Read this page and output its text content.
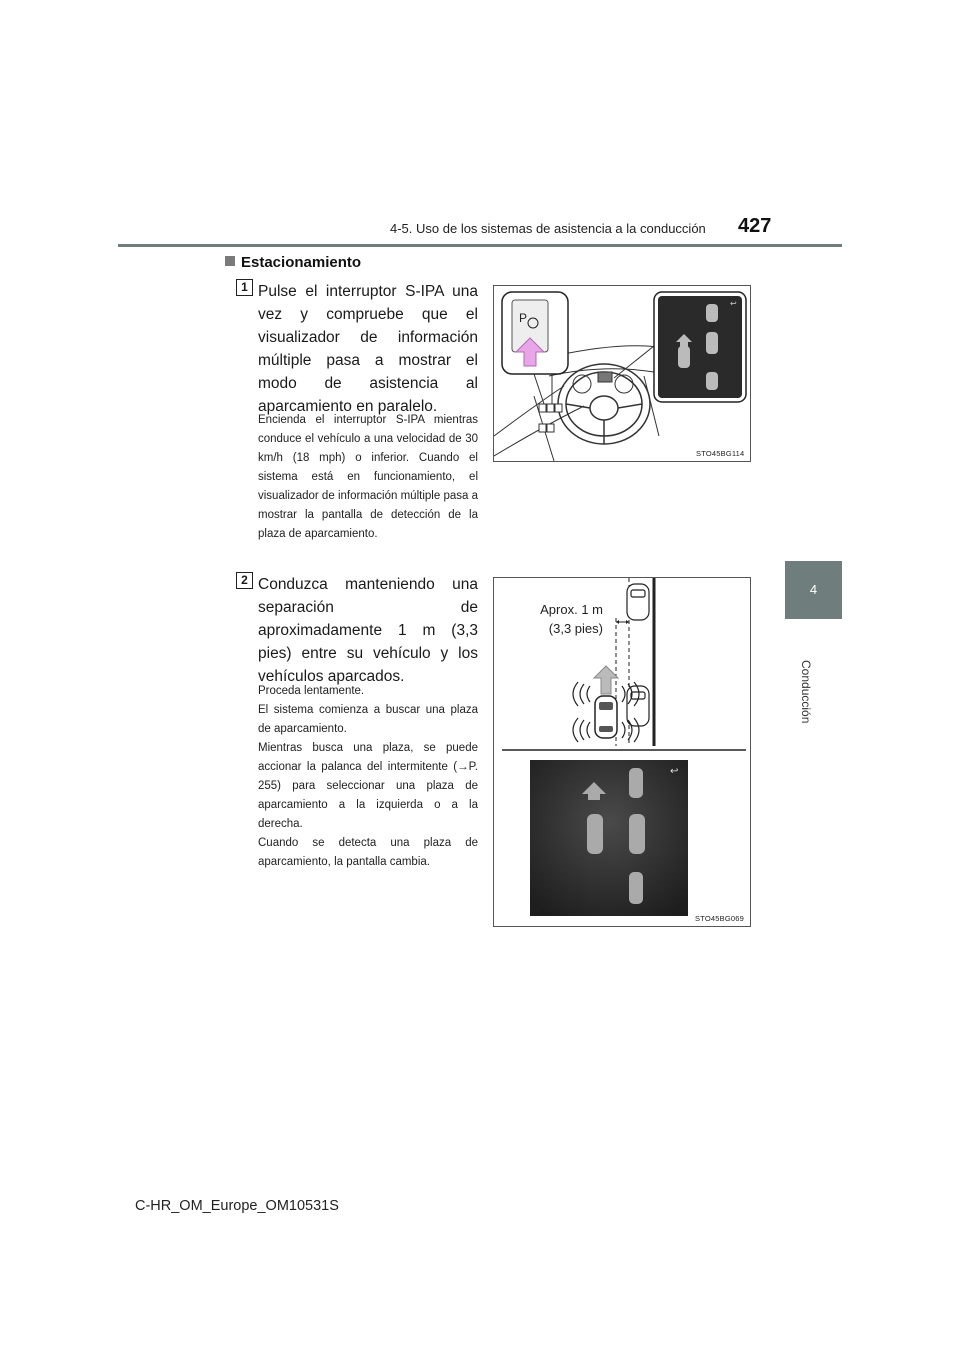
4-5. Uso de los sistemas de asistencia a la conducción 427
4
Conducción
Estacionamiento
1 Pulse el interruptor S-IPA una vez y compruebe que el visualizador de información múltiple pasa a mostrar el modo de asistencia al aparcamiento en paralelo.

Encienda el interruptor S-IPA mientras conduce el vehículo a una velocidad de 30 km/h (18 mph) o inferior. Cuando el sistema está en funcionamiento, el visualizador de información múltiple pasa a mostrar la pantalla de detección de la plaza de aparcamiento.

P
↩
STO45BG114
2 Conduzca manteniendo una separación de aproximadamente 1 m (3,3 pies) entre su vehículo y los vehículos aparcados.

Proceda lentamente.

El sistema comienza a buscar una plaza de aparcamiento.

Mientras busca una plaza, se puede accionar la palanca del intermitente (→P. 255) para seleccionar una plaza de aparcamiento a la izquierda o a la derecha.

Cuando se detecta una plaza de aparcamiento, la pantalla cambia.

↩
Aprox. 1 m
(3,3 pies)
STO45BG069
C-HR_OM_Europe_OM10531S
